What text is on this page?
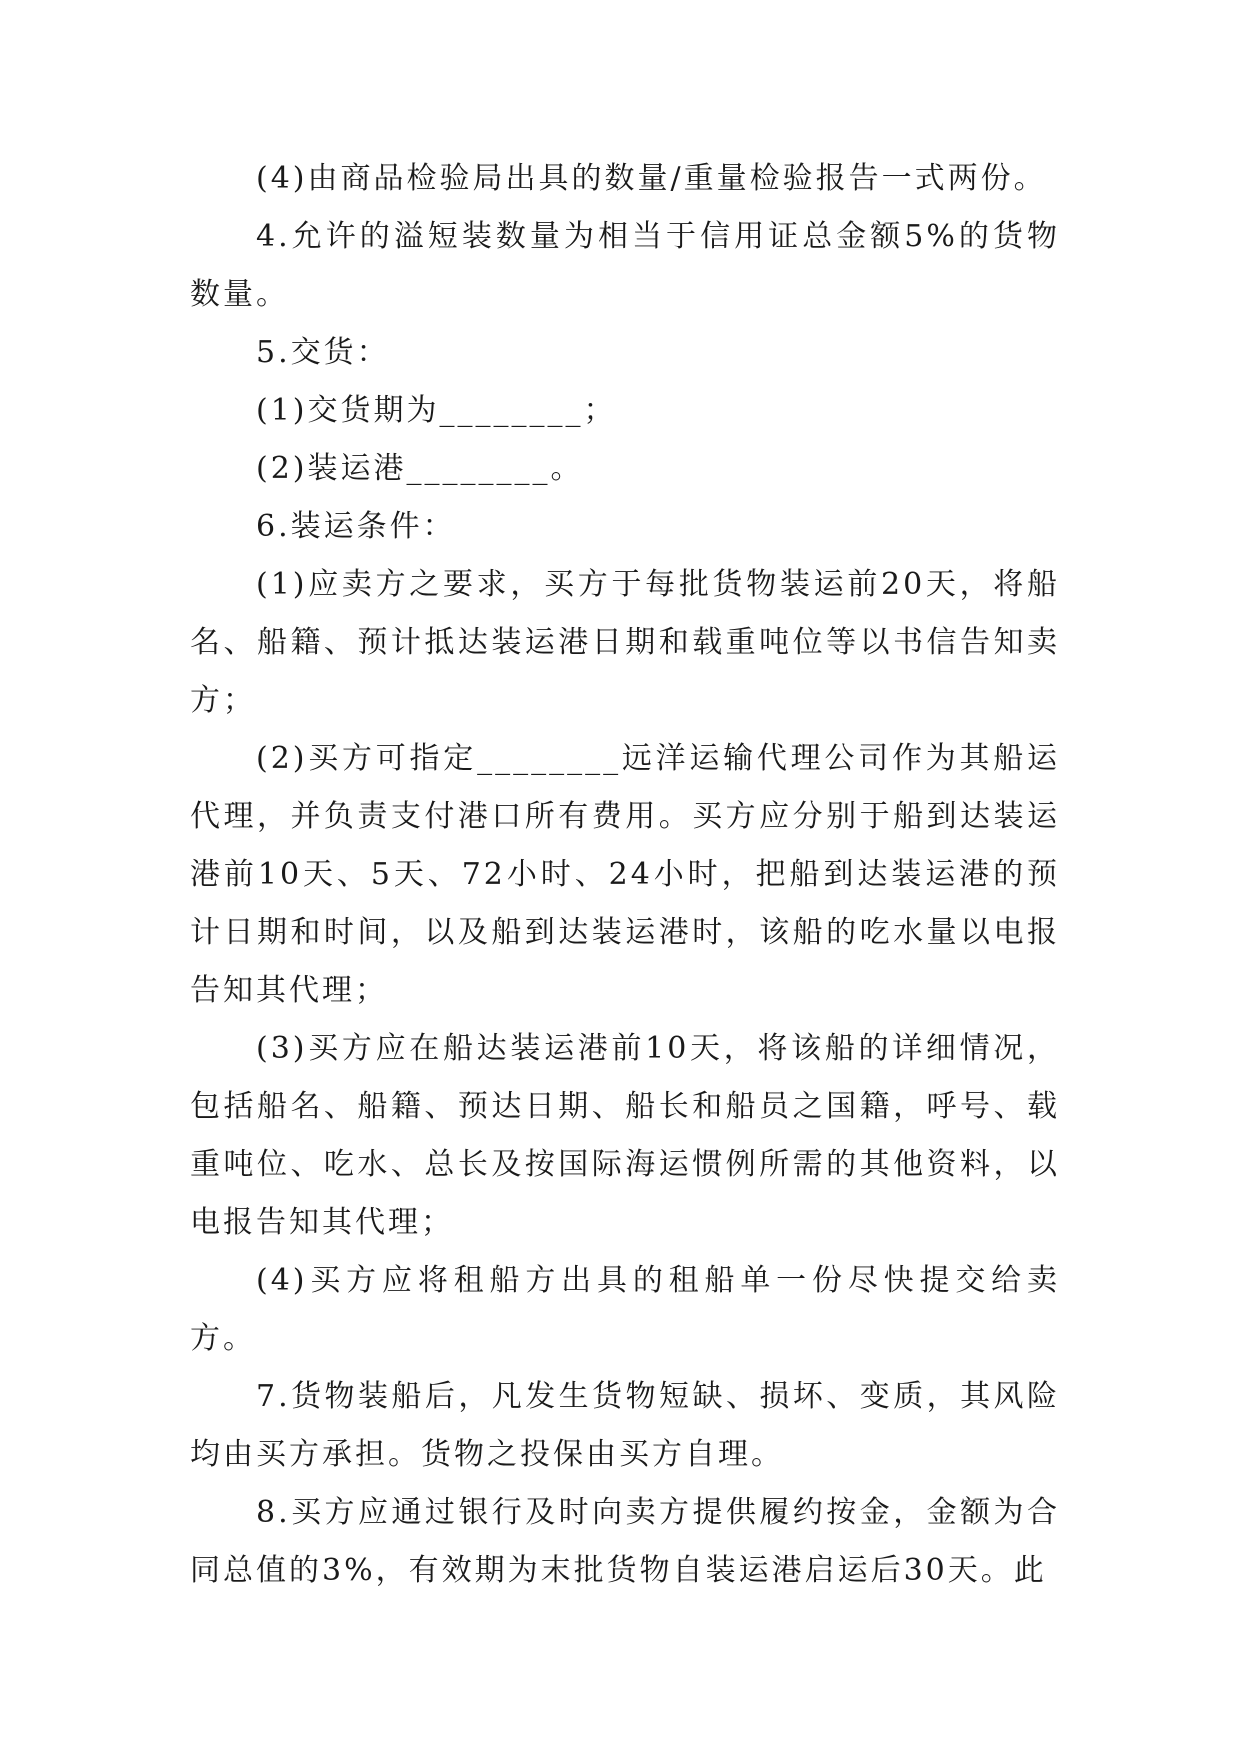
(4)由商品检验局出具的数量/重量检验报告一式两份。

4.允许的溢短装数量为相当于信用证总金额5%的货物数量。

5.交货：

(1)交货期为________；

(2)装运港________。

6.装运条件：

(1)应卖方之要求，买方于每批货物装运前20天，将船名、船籍、预计抵达装运港日期和载重吨位等以书信告知卖方；

(2)买方可指定________远洋运输代理公司作为其船运代理，并负责支付港口所有费用。买方应分别于船到达装运港前10天、5天、72小时、24小时，把船到达装运港的预计日期和时间，以及船到达装运港时，该船的吃水量以电报告知其代理；

(3)买方应在船达装运港前10天，将该船的详细情况，包括船名、船籍、预达日期、船长和船员之国籍，呼号、载重吨位、吃水、总长及按国际海运惯例所需的其他资料，以电报告知其代理；

(4)买方应将租船方出具的租船单一份尽快提交给卖方。

7.货物装船后，凡发生货物短缺、损坏、变质，其风险均由买方承担。货物之投保由买方自理。

8.买方应通过银行及时向卖方提供履约按金，金额为合同总值的3%，有效期为末批货物自装运港启运后30天。此
